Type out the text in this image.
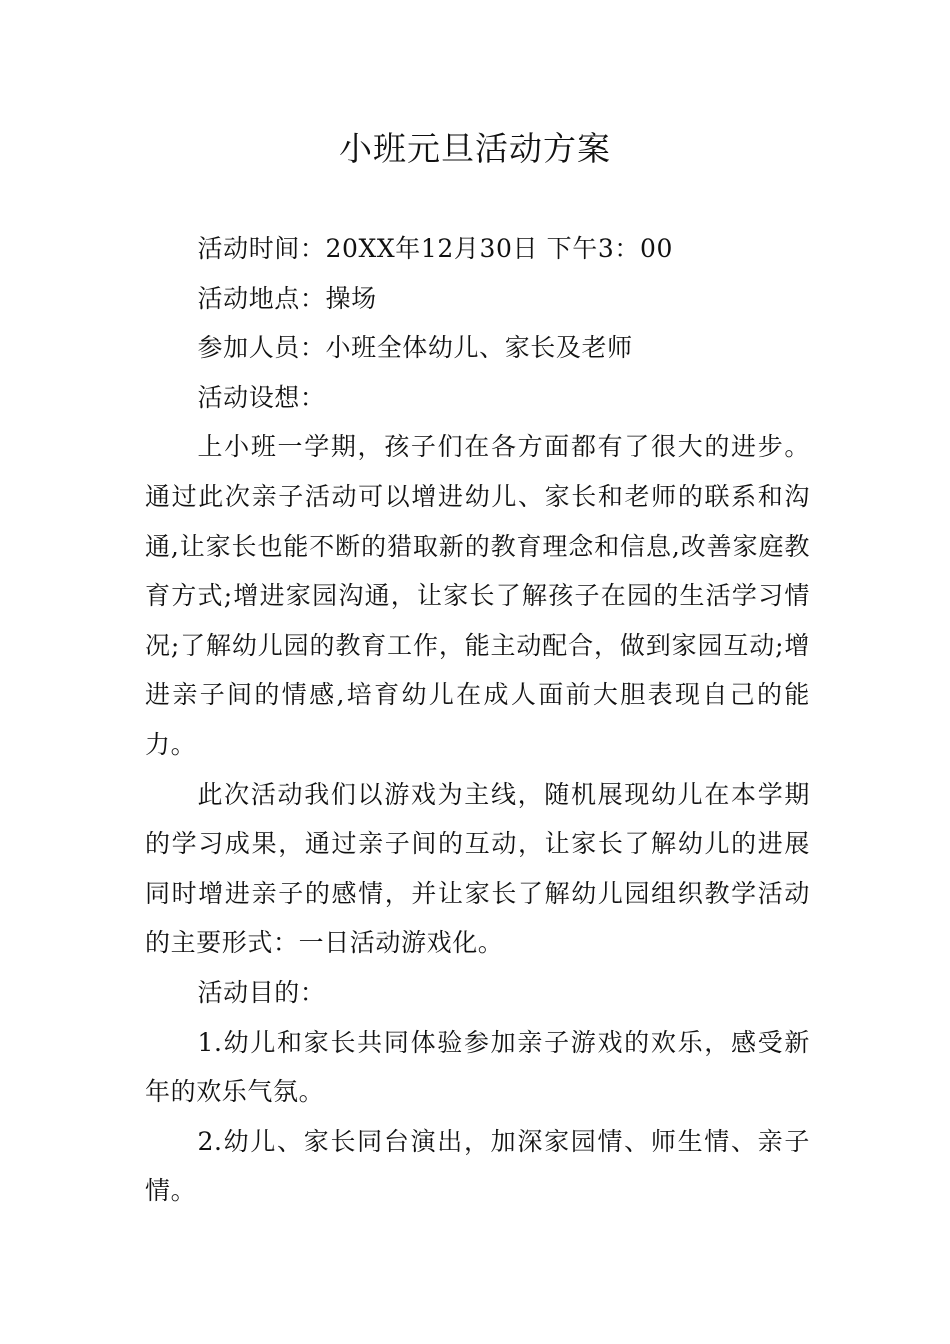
小班元旦活动方案

活动时间：20XX年12月30日 下午3：00

活动地点：操场

参加人员：小班全体幼儿、家长及老师

活动设想：

上小班一学期，孩子们在各方面都有了很大的进步。通过此次亲子活动可以增进幼儿、家长和老师的联系和沟通,让家长也能不断的猎取新的教育理念和信息,改善家庭教育方式;增进家园沟通，让家长了解孩子在园的生活学习情况;了解幼儿园的教育工作，能主动配合，做到家园互动;增进亲子间的情感,培育幼儿在成人面前大胆表现自己的能力。

此次活动我们以游戏为主线，随机展现幼儿在本学期的学习成果，通过亲子间的互动，让家长了解幼儿的进展同时增进亲子的感情，并让家长了解幼儿园组织教学活动的主要形式：一日活动游戏化。

活动目的：

1.幼儿和家长共同体验参加亲子游戏的欢乐，感受新年的欢乐气氛。

2.幼儿、家长同台演出，加深家园情、师生情、亲子情。
